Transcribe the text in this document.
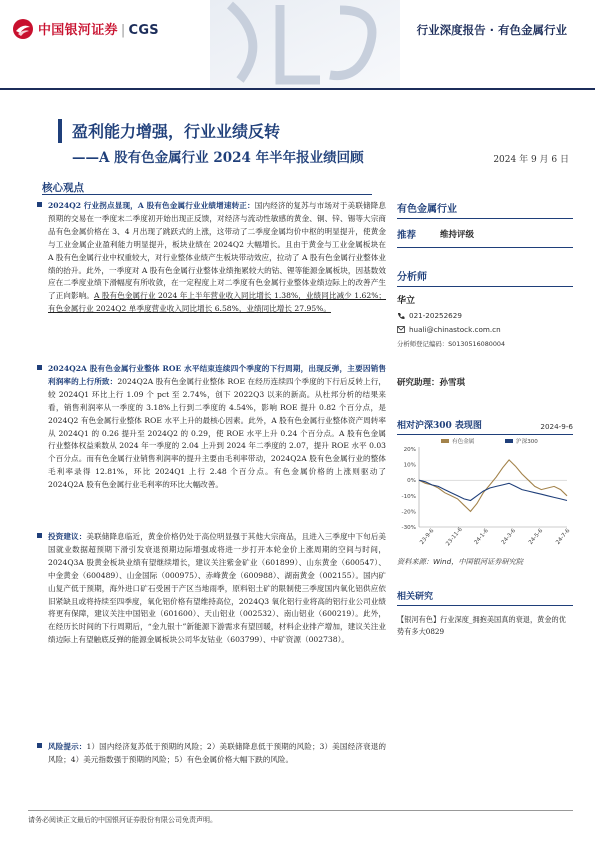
中国银河证券 | CGS	行业深度报告 · 有色金属行业
盈利能力增强，行业业绩反转
——A 股有色金属行业 2024 年半年报业绩回顾	2024 年 9 月 6 日
核心观点
2024Q2 行业拐点显现，A 股有色金属行业业绩增速转正：国内经济的复苏与市场对于美联储降息预期的交易在一季度末二季度初开始出现正反馈，对经济与流动性敏感的黄金、铜、锌、锡等大宗商品有色金属价格在 3、4 月出现了跳跃式的上涨，这带动了二季度金属均价中枢的明显提升，使黄金与工业金属企业盈利能力明显提升，板块业绩在 2024Q2 大幅增长。且由于黄金与工业金属板块在 A 股有色金属行业中权重较大，对行业整体业绩产生板块带动效应，拉动了 A 股有色金属行业整体业绩的抬升。此外，一季度对 A 股有色金属行业整体业绩拖累较大的钴、锂等能源金属板块，因基数效应在二季度业绩下滑幅度有所收敛，在一定程度上对二季度有色金属行业整体业绩边际上的改善产生了正向影响。A 股有色金属行业 2024 年上半年营业收入同比增长 1.38%，业绩同比减少 1.62%；有色金属行业 2024Q2 单季度营业收入同比增长 6.58%，业绩同比增长 27.95%。
2024Q2A 股有色金属行业整体 ROE 水平结束连续四个季度的下行周期，出现反弹，主要因销售利润率的上行所致：2024Q2A 股有色金属行业整体 ROE 在经历连续四个季度的下行后反转上行，较 2024Q1 环比上行 1.09 个 pct 至 2.74%，创下 2022Q3 以来的新高。从杜邦分析的结果来看，销售利润率从一季度的 3.18%上行到二季度的 4.54%，影响 ROE 提升 0.82 个百分点，是 2024Q2 有色金属行业整体 ROE 水平上升的最核心因素。此外，A 股有色金属行业整体资产周转率从 2024Q1 的 0.26 提升至 2024Q2 的 0.29，使 ROE 水平上升 0.24 个百分点。A 股有色金属行业整体权益乘数从 2024 年一季度的 2.04 上升到 2024 年二季度的 2.07，提升 ROE 水平 0.03 个百分点。而有色金属行业销售利润率的提升主要由毛利率带动，2024Q2A 股有色金属行业的整体毛利率录得 12.81%，环比 2024Q1 上行 2.48 个百分点。有色金属价格的上涨则驱动了 2024Q2A 股有色金属行业毛利率的环比大幅改善。
投资建议：美联储降息临近，黄金价格仍处于高位明显强于其他大宗商品，且进入三季度中下旬后美国就业数据超预期下滑引发衰退预期边际增强或将进一步打开本轮金价上涨周期的空间与时间，2024Q3A 股黄金板块业绩有望继续增长，建议关注紫金矿业（601899）、山东黄金（600547）、中金黄金（600489）、山金国际（000975）、赤峰黄金（600988）、湖南黄金（002155）。国内矿山复产低于预期，海外进口矿石受困于产区当地雨季，原料铝土矿的限制使三季度国内氧化铝供应依旧紧缺且或将持续至四季度，氧化铝价格有望维持高位，2024Q3 氧化铝行业将高的铝行业公司业绩将更有保障，建议关注中国铝业（601600）、天山铝业（002532）、南山铝业（600219）。此外，在经历长时间的下行周期后，“金九银十”新能源下游需求有望回暖，材料企业排产增加，建议关注业绩边际上有望触底反弹的能源金属板块公司华友钴业（603799）、中矿资源（002738）。
风险提示：1）国内经济复苏低于预期的风险；2）美联储降息低于预期的风险；3）美国经济衰退的风险；4）美元指数强于预期的风险；5）有色金属价格大幅下跌的风险。
有色金属行业
推荐	维持评级
分析师
华立
021-20252629
huali@chinastock.com.cn
分析师登记编码：S0130516080004
研究助理：孙雪琪
相对沪深300 表现图	2024-9-6
20%
10%
0%
-10%
-20%
-30% 23-9-6 23-11-6 24-1-6 24-3-6 24-5-6 24-7-6
有色金属	沪深300
资料来源：Wind，中国银河证券研究院
相关研究
【银河有色】行业深度_拥抱美国真的衰退，黄金的优势有多大0829
请务必阅读正文最后的中国银河证券股份有限公司免责声明。
